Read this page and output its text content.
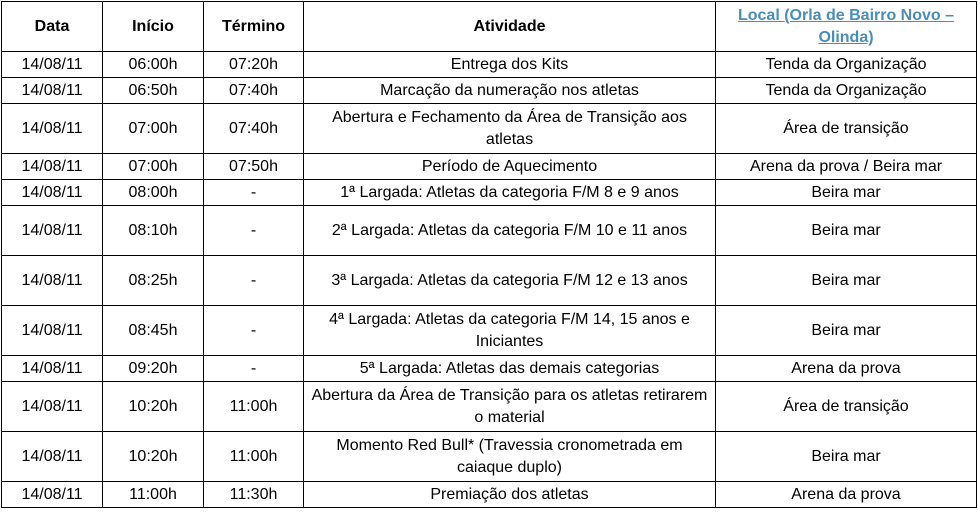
Data	Início	Término	Atividade	Local (Orla de Bairro Novo – Olinda)
14/08/11	06:00h	07:20h	Entrega dos Kits	Tenda da Organização
14/08/11	06:50h	07:40h	Marcação da numeração nos atletas	Tenda da Organização
14/08/11	07:00h	07:40h	Abertura e Fechamento da Área de Transição aos atletas	Área de transição
14/08/11	07:00h	07:50h	Período de Aquecimento	Arena da prova / Beira mar
14/08/11	08:00h	-	1ª Largada: Atletas da categoria F/M 8 e 9 anos	Beira mar
14/08/11	08:10h	-	2ª Largada: Atletas da categoria F/M 10 e 11 anos	Beira mar
14/08/11	08:25h	-	3ª Largada: Atletas da categoria F/M 12 e 13 anos	Beira mar
14/08/11	08:45h	-	4ª Largada: Atletas da categoria F/M 14, 15 anos e Iniciantes	Beira mar
14/08/11	09:20h	-	5ª Largada: Atletas das demais categorias	Arena da prova
14/08/11	10:20h	11:00h	Abertura da Área de Transição para os atletas retirarem o material	Área de transição
14/08/11	10:20h	11:00h	Momento Red Bull* (Travessia cronometrada em caiaque duplo)	Beira mar
14/08/11	11:00h	11:30h	Premiação dos atletas	Arena da prova
